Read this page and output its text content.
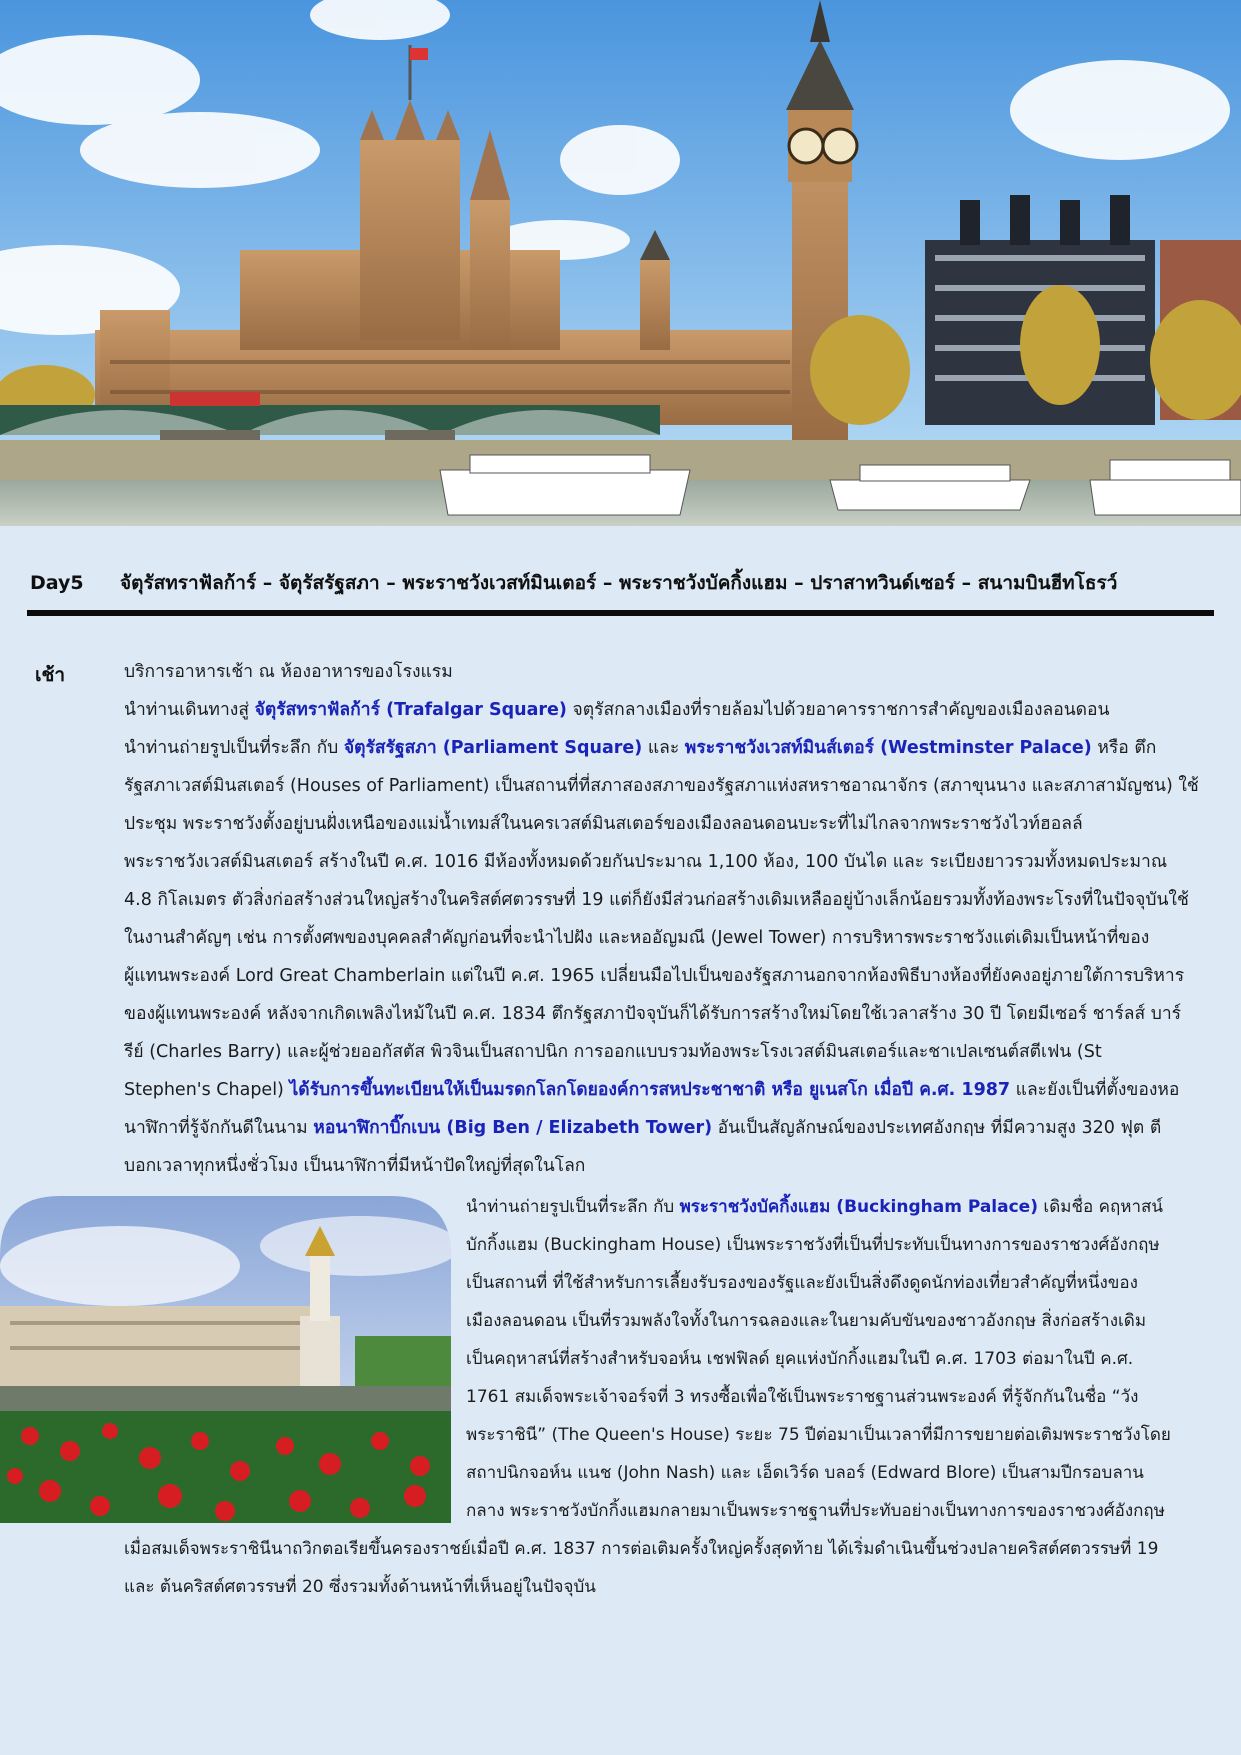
Day5 จัตุรัสทราฟัลก้าร์ – จัตุรัสรัฐสภา – พระราชวังเวสท์มินเตอร์ – พระราชวังบัคกิ้งแฮม – ปราสาทวินด์เซอร์ – สนามบินฮีทโธรว์
เช้า	บริการอาหารเช้า ณ ห้องอาหารของโรงแรม
นำท่านเดินทางสู่ จัตุรัสทราฟัลก้าร์ (Trafalgar Square) จตุรัสกลางเมืองที่รายล้อมไปด้วยอาคารราชการสำคัญของเมืองลอนดอน
นำท่านถ่ายรูปเป็นที่ระลึก กับ จัตุรัสรัฐสภา (Parliament Square) และ พระราชวังเวสท์มินส์เตอร์ (Westminster Palace) หรือ ตึก
รัฐสภาเวสต์มินสเตอร์ (Houses of Parliament) เป็นสถานที่ที่สภาสองสภาของรัฐสภาแห่งสหราชอาณาจักร (สภาขุนนาง และสภาสามัญชน) ใช้
ประชุม พระราชวังตั้งอยู่บนฝั่งเหนือของแม่น้ำเทมส์ในนครเวสต์มินสเตอร์ของเมืองลอนดอนบะระที่ไม่ไกลจากพระราชวังไวท์ฮอลล์
พระราชวังเวสต์มินสเตอร์ สร้างในปี ค.ศ. 1016 มีห้องทั้งหมดด้วยกันประมาณ 1,100 ห้อง, 100 บันได และ ระเบียงยาวรวมทั้งหมดประมาณ
4.8 กิโลเมตร ตัวสิ่งก่อสร้างส่วนใหญ่สร้างในคริสต์ศตวรรษที่ 19 แต่ก็ยังมีส่วนก่อสร้างเดิมเหลืออยู่บ้างเล็กน้อยรวมทั้งท้องพระโรงที่ในปัจจุบันใช้
ในงานสำคัญๆ เช่น การตั้งศพของบุคคลสำคัญก่อนที่จะนำไปฝัง และหออัญมณี (Jewel Tower) การบริหารพระราชวังแต่เดิมเป็นหน้าที่ของ
ผู้แทนพระองค์ Lord Great Chamberlain แต่ในปี ค.ศ. 1965 เปลี่ยนมือไปเป็นของรัฐสภานอกจากห้องพิธีบางห้องที่ยังคงอยู่ภายใต้การบริหาร
ของผู้แทนพระองค์ หลังจากเกิดเพลิงไหม้ในปี ค.ศ. 1834 ตึกรัฐสภาปัจจุบันก็ได้รับการสร้างใหม่โดยใช้เวลาสร้าง 30 ปี โดยมีเซอร์ ชาร์ลส์ บาร์
รีย์ (Charles Barry) และผู้ช่วยออกัสตัส พิวจินเป็นสถาปนิก การออกแบบรวมท้องพระโรงเวสต์มินสเตอร์และชาเปลเซนต์สตีเฟน (St
Stephen's Chapel) ได้รับการขึ้นทะเบียนให้เป็นมรดกโลกโดยองค์การสหประชาชาติ หรือ ยูเนสโก เมื่อปี ค.ศ. 1987 และยังเป็นที่ตั้งของหอ
นาฬิกาที่รู้จักกันดีในนาม หอนาฬิกาบิ๊กเบน (Big Ben / Elizabeth Tower) อันเป็นสัญลักษณ์ของประเทศอังกฤษ ที่มีความสูง 320 ฟุต ตี
บอกเวลาทุกหนึ่งชั่วโมง เป็นนาฬิกาที่มีหน้าปัดใหญ่ที่สุดในโลก
นำท่านถ่ายรูปเป็นที่ระลึก กับ พระราชวังบัคกิ้งแฮม (Buckingham Palace) เดิมชื่อ คฤหาสน์
บักกิ้งแฮม (Buckingham House) เป็นพระราชวังที่เป็นที่ประทับเป็นทางการของราชวงศ์อังกฤษ
เป็นสถานที่ ที่ใช้สำหรับการเลี้ยงรับรองของรัฐและยังเป็นสิ่งดึงดูดนักท่องเที่ยวสำคัญที่หนึ่งของ
เมืองลอนดอน เป็นที่รวมพลังใจทั้งในการฉลองและในยามคับขันของชาวอังกฤษ สิ่งก่อสร้างเดิม
เป็นคฤหาสน์ที่สร้างสำหรับจอห์น เชฟฟิลด์ ยุคแห่งบักกิ้งแฮมในปี ค.ศ. 1703 ต่อมาในปี ค.ศ.
1761 สมเด็จพระเจ้าจอร์จที่ 3 ทรงซื้อเพื่อใช้เป็นพระราชฐานส่วนพระองค์ ที่รู้จักกันในชื่อ “วัง
พระราชินี” (The Queen's House) ระยะ 75 ปีต่อมาเป็นเวลาที่มีการขยายต่อเติมพระราชวังโดย
สถาปนิกจอห์น แนช (John Nash) และ เอ็ดเวิร์ด บลอร์ (Edward Blore) เป็นสามปีกรอบลาน
กลาง พระราชวังบักกิ้งแฮมกลายมาเป็นพระราชฐานที่ประทับอย่างเป็นทางการของราชวงศ์อังกฤษ
เมื่อสมเด็จพระราชินีนาถวิกตอเรียขึ้นครองราชย์เมื่อปี ค.ศ. 1837 การต่อเติมครั้งใหญ่ครั้งสุดท้าย ได้เริ่มดำเนินขึ้นช่วงปลายคริสต์ศตวรรษที่ 19
และ ต้นคริสต์ศตวรรษที่ 20 ซึ่งรวมทั้งด้านหน้าที่เห็นอยู่ในปัจจุบัน
